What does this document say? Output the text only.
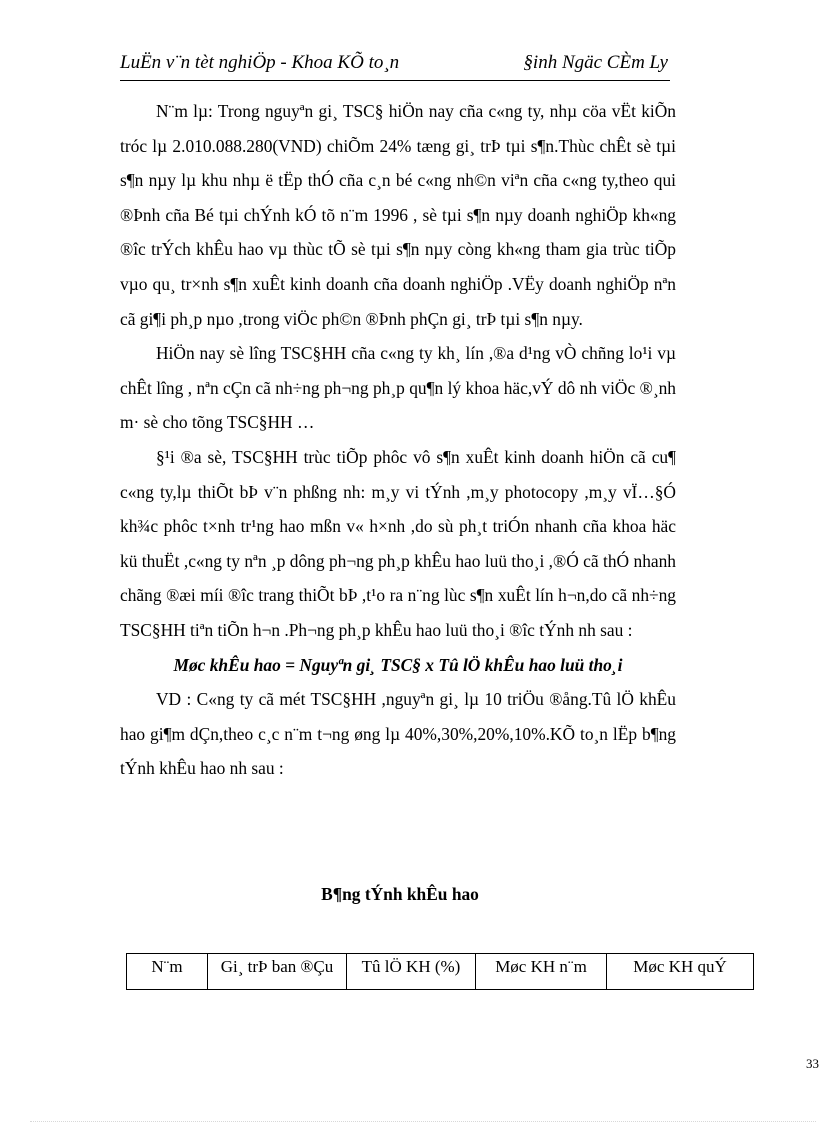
LuËn v¨n tèt nghiÖp - Khoa KÕ to¸n	§inh Ngäc CÈm Ly

N¨m lµ: Trong nguyªn gi¸ TSC§ hiÖn nay cña c«ng ty, nhµ cöa vËt kiÕn tróc lµ 2.010.088.280(VND) chiÕm 24% tæng gi¸ trÞ tµi s¶n.Thùc chÊt sè tµi s¶n nµy lµ khu nhµ ë tËp thÓ cña c¸n bé c«ng nh©n viªn cña c«ng ty,theo qui ®Þnh cña Bé tµi chÝnh kÓ tõ n¨m 1996 , sè tµi s¶n nµy doanh nghiÖp kh«ng ®îc trÝch khÊu hao vµ thùc tÕ sè tµi s¶n nµy còng kh«ng tham gia trùc tiÕp vµo qu¸ tr×nh s¶n xuÊt kinh doanh cña doanh nghiÖp .VËy doanh nghiÖp nªn cã gi¶i ph¸p nµo ,trong viÖc ph©n ®Þnh phÇn gi¸ trÞ tµi s¶n nµy.

HiÖn nay sè lîng TSC§HH cña c«ng ty kh¸ lín ,®a d¹ng vÒ chñng lo¹i vµ chÊt lîng , nªn cÇn cã nh÷ng ph¬ng ph¸p qu¶n lý khoa häc,vÝ dô nh viÖc ®¸nh m· sè cho tõng TSC§HH …

§¹i ®a sè, TSC§HH trùc tiÕp phôc vô s¶n xuÊt kinh doanh hiÖn cã cu¶ c«ng ty,lµ thiÕt bÞ v¨n phßng nh: m¸y vi tÝnh ,m¸y photocopy ,m¸y vÏ…§Ó kh¾c phôc t×nh tr¹ng hao mßn v« h×nh ,do sù ph¸t triÓn nhanh cña khoa häc kü thuËt ,c«ng ty nªn ¸p dông ph¬ng ph¸p khÊu hao luü tho¸i ,®Ó cã thÓ nhanh chãng ®æi míi ®îc trang thiÕt bÞ ,t¹o ra n¨ng lùc s¶n xuÊt lín h¬n,do cã nh÷ng TSC§HH tiªn tiÕn h¬n .Ph¬ng ph¸p khÊu hao luü tho¸i ®îc tÝnh nh sau :

Møc khÊu hao = Nguyªn gi¸ TSC§ x Tû lÖ khÊu hao luü tho¸i

VD : C«ng ty cã mét TSC§HH ,nguyªn gi¸ lµ 10 triÖu ®ång.Tû lÖ khÊu hao gi¶m dÇn,theo c¸c n¨m t¬ng øng lµ 40%,30%,20%,10%.KÕ to¸n lËp b¶ng tÝnh khÊu hao nh sau :

B¶ng tÝnh khÊu hao
N¨m	Gi¸ trÞ ban ®Çu	Tû lÖ KH (%)	Møc KH n¨m	Møc KH quÝ
33
